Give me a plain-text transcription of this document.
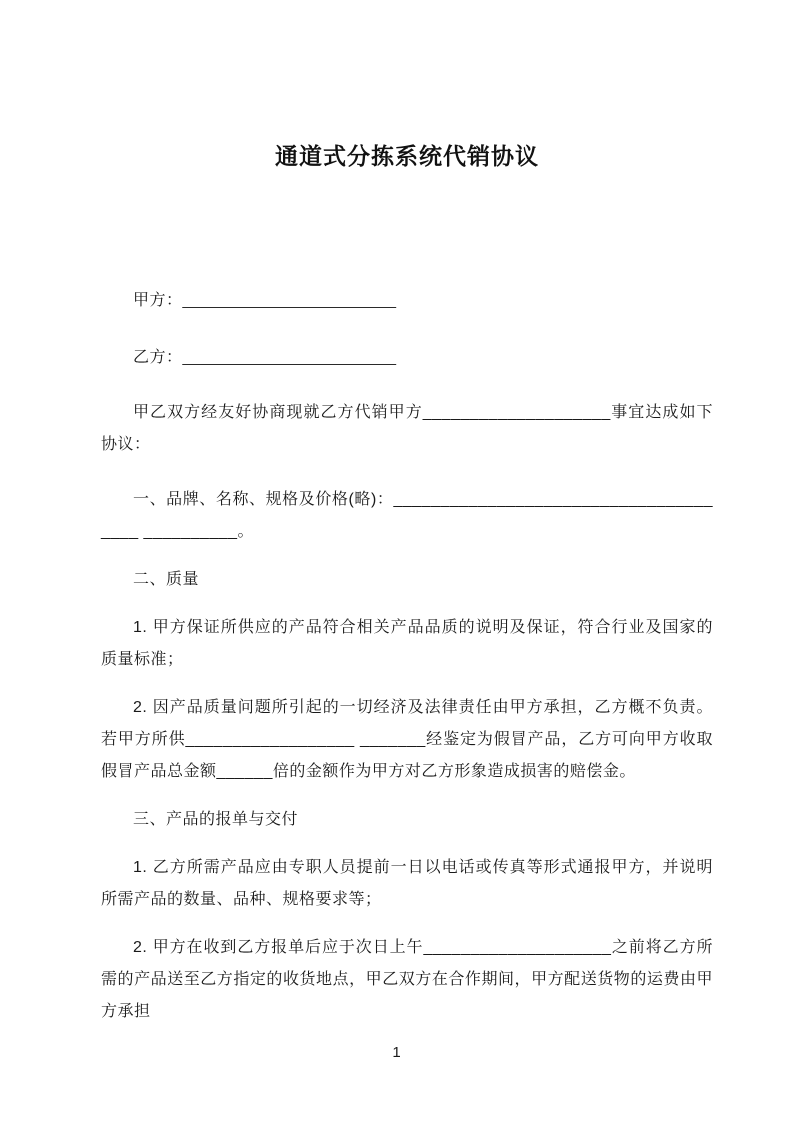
通道式分拣系统代销协议

甲方：________________________

乙方：________________________

甲乙双方经友好协商现就乙方代销甲方____________________事宜达成如下协议：

一、品牌、名称、规格及价格(略)：______________________________________ __________。

二、质量

1. 甲方保证所供应的产品符合相关产品品质的说明及保证，符合行业及国家的质量标准；

2. 因产品质量问题所引起的一切经济及法律责任由甲方承担，乙方概不负责。若甲方所供__________________ _______经鉴定为假冒产品，乙方可向甲方收取假冒产品总金额______倍的金额作为甲方对乙方形象造成损害的赔偿金。

三、产品的报单与交付

1. 乙方所需产品应由专职人员提前一日以电话或传真等形式通报甲方，并说明所需产品的数量、品种、规格要求等；

2. 甲方在收到乙方报单后应于次日上午____________________之前将乙方所需的产品送至乙方指定的收货地点，甲乙双方在合作期间，甲方配送货物的运费由甲方承担

1
